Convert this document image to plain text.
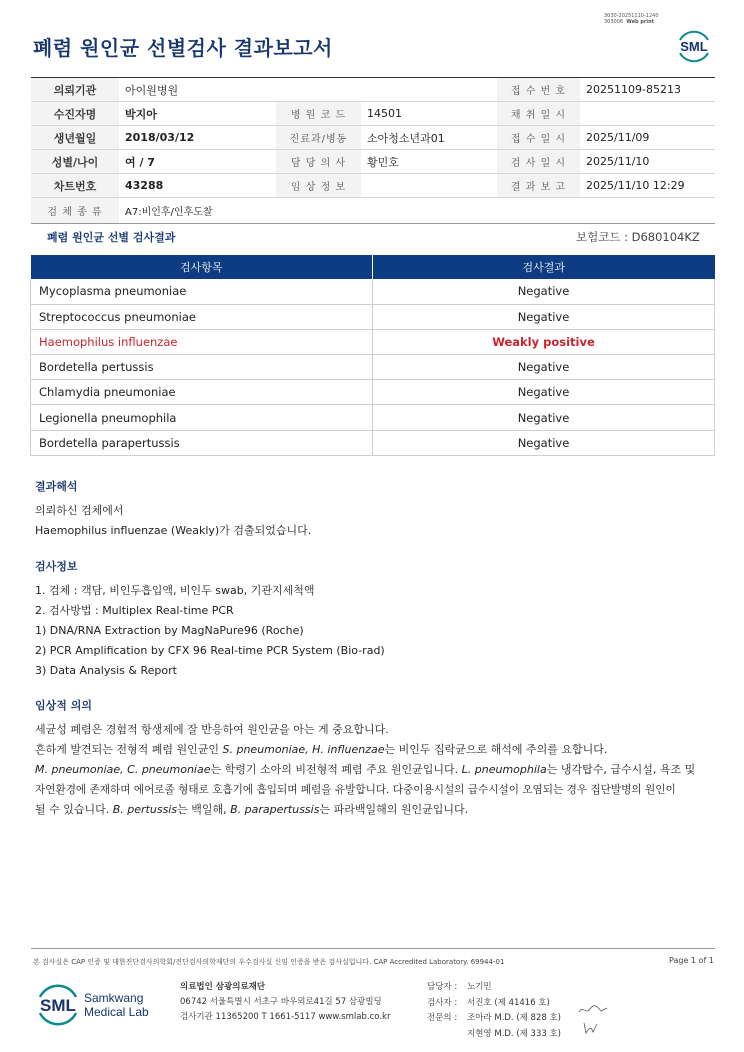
3030-20251110-1240
303006 Web print
폐렴 원인균 선별검사 결과보고서	SML
의뢰기관	아이원병원			접 수 번 호	20251109-85213
수진자명	박지아	병 원 코 드	14501	채 취 일 시	
생년월일	2018/03/12	진료과/병동	소아청소년과01	접 수 일 시	2025/11/09
성별/나이	여 / 7	담 당 의 사	황민호	검 사 일 시	2025/11/10
차트번호	43288	임 상 정 보		결 과 보 고	2025/11/10 12:29
검 체 종 류	A7:비인후/인후도찰				
폐렴 원인균 선별 검사결과	보험코드 : D680104KZ
검사항목	검사결과
Mycoplasma pneumoniae	Negative
Streptococcus pneumoniae	Negative
Haemophilus influenzae	Weakly positive
Bordetella pertussis	Negative
Chlamydia pneumoniae	Negative
Legionella pneumophila	Negative
Bordetella parapertussis	Negative
결과해석

의뢰하신 검체에서

Haemophilus influenzae (Weakly)가 검출되었습니다.

검사정보

1. 검체 : 객담, 비인두흡입액, 비인두 swab, 기관지세척액

2. 검사방법 : Multiplex Real-time PCR

1) DNA/RNA Extraction by MagNaPure96 (Roche)

2) PCR Amplification by CFX 96 Real-time PCR System (Bio-rad)

3) Data Analysis & Report

임상적 의의

세균성 폐렴은 경험적 항생제에 잘 반응하여 원인균을 아는 게 중요합니다.

흔하게 발견되는 전형적 폐렴 원인균인 S. pneumoniae, H. influenzae는 비인두 집락균으로 해석에 주의를 요합니다.

M. pneumoniae, C. pneumoniae는 학령기 소아의 비전형적 폐렴 주요 원인균입니다. L. pneumophila는 냉각탑수, 급수시설, 욕조 및

자연환경에 존재하며 에어로졸 형태로 호흡기에 흡입되며 폐렴을 유발합니다. 다중이용시설의 급수시설이 오염되는 경우 집단발병의 원인이

될 수 있습니다. B. pertussis는 백일해, B. parapertussis는 파라백일해의 원인균입니다.

본 검사실은 CAP 인증 및 대한진단검사의학회/진단검사의학재단의 우수검사실 신임 인증을 받은 검사실입니다. CAP Accredited Laboratory. 69944-01	Page 1 of 1
SML Samkwang
Medical Lab
의료법인 삼광의료재단
06742 서울특별시 서초구 바우뫼로41길 57 삼광빌딩
검사기관 11365200 T 1661-5117 www.smlab.co.kr
담당자 : 노기민
검사자 : 서진호 (제 41416 호)
전문의 : 조아라 M.D. (제 828 호)
지현영 M.D. (제 333 호)
